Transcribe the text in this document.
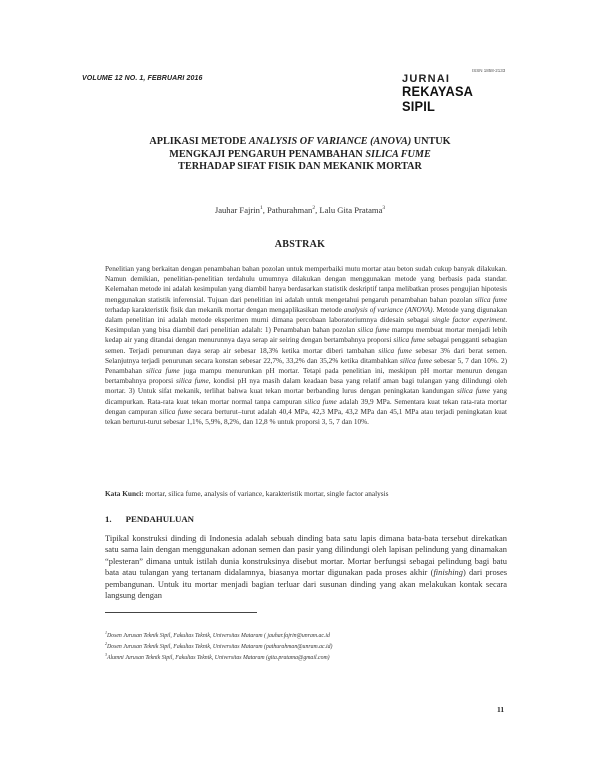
VOLUME 12 NO. 1, FEBRUARI 2016
ISSN 1858-2133
JURNAI
REKAYASA SIPIL
APLIKASI METODE ANALYSIS OF VARIANCE (ANOVA) UNTUK
MENGKAJI PENGARUH PENAMBAHAN SILICA FUME
TERHADAP SIFAT FISIK DAN MEKANIK MORTAR
Jauhar Fajrin$^1$, Pathurahman$^2$, Lalu Gita Pratama$^3$
ABSTRAK
Penelitian yang berkaitan dengan penambahan bahan pozolan untuk memperbaiki mutu mortar atau beton sudah cukup banyak dilakukan. Namun demikian, penelitian-penelitian terdahulu umumnya dilakukan dengan menggunakan metode yang berbasis pada standar. Kelemahan metode ini adalah kesimpulan yang diambil hanya berdasarkan statistik deskriptif tanpa melibatkan proses pengujian hipotesis menggunakan statistik inferensial. Tujuan dari penelitian ini adalah untuk mengetahui pengaruh penambahan bahan pozolan silica fume terhadap karakteristik fisik dan mekanik mortar dengan mengaplikasikan metode analysis of variance (ANOVA). Metode yang digunakan dalam penelitian ini adalah metode eksperimen murni dimana percobaan laboratoriumnya didesain sebagai single factor experiment. Kesimpulan yang bisa diambil dari penelitian adalah: 1) Penambahan bahan pozolan silica fume mampu membuat mortar menjadi lebih kedap air yang ditandai dengan menurunnya daya serap air seiring dengan bertambahnya proporsi silica fume sebagai pengganti sebagian semen. Terjadi penurunan daya serap air sebesar 18,3% ketika mortar diberi tambahan silica fume sebesar 3% dari berat semen. Selanjutnya terjadi penurunan secara konstan sebesar 22,7%, 33,2% dan 35,2% ketika ditambahkan silica fume sebesar 5, 7 dan 10%. 2) Penambahan silica fume juga mampu menurunkan pH mortar. Tetapi pada penelitian ini, meskipun pH mortar menurun dengan bertambahnya proporsi silica fume, kondisi pH nya masih dalam keadaan basa yang relatif aman bagi tulangan yang dilindungi oleh mortar. 3) Untuk sifat mekanik, terlihat bahwa kuat tekan mortar berbanding lurus dengan peningkatan kandungan silica fume yang dicampurkan. Rata-rata kuat tekan mortar normal tanpa campuran silica fume adalah 39,9 MPa. Sementara kuat tekan rata-rata mortar dengan campuran silica fume secara berturut–turut adalah 40,4 MPa, 42,3 MPa, 43,2 MPa dan 45,1 MPa atau terjadi peningkatan kuat tekan berturut-turut sebesar 1,1%, 5,9%, 8,2%, dan 12,8 % untuk proporsi 3, 5, 7 dan 10%.
Kata Kunci: mortar, silica fume, analysis of variance, karakteristik mortar, single factor analysis
1. PENDAHULUAN
Tipikal konstruksi dinding di Indonesia adalah sebuah dinding bata satu lapis dimana bata-bata tersebut direkatkan satu sama lain dengan menggunakan adonan semen dan pasir yang dilindungi oleh lapisan pelindung yang dinamakan “plesteran” dimana untuk istilah dunia konstruksinya disebut mortar. Mortar berfungsi sebagai pelindung bagi batu bata atau tulangan yang tertanam didalamnya, biasanya mortar digunakan pada proses akhir (finishing) dari proses pembangunan. Untuk itu mortar menjadi bagian terluar dari susunan dinding yang akan melakukan kontak secara langsung dengan
$^1$Dosen Jurusan Teknik Sipil, Fakultas Teknik, Universitas Mataram ( jauhar.fajrin@unram.ac.id
$^2$Dosen Jurusan Teknik Sipil, Fakultas Teknik, Universitas Mataram (pathurahman@unram.ac.id)
$^3$Alumni Jurusan Teknik Sipil, Fakultas Teknik, Universitas Mataram (gita.pratama@gmail.com)
11
